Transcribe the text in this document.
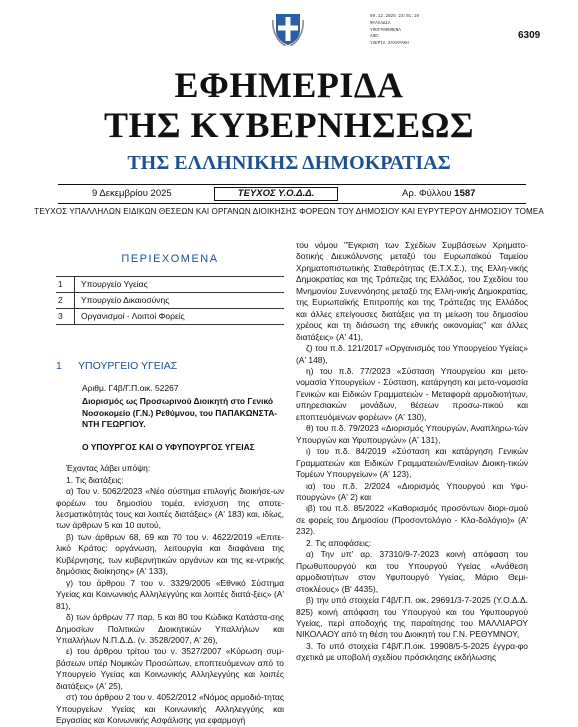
09.12.2025 23:01:19
ΦΥΛΛΑΔΙΑ
ΥΠΟΓΡΑΦΗΜΕΝΑ
ΑΠΟ:
ΥΛΕΡΙΑ ΖΑΧΑΡΑΚΗ
6309
ΕΦΗΜΕΡΙΔΑ
ΤΗΣ ΚΥΒΕΡΝΗΣΕΩΣ
ΤΗΣ ΕΛΛΗΝΙΚΗΣ ΔΗΜΟΚΡΑΤΙΑΣ
9 Δεκεμβρίου 2025	ΤΕΥΧΟΣ Υ.Ο.Δ.Δ.	Αρ. Φύλλου 1587
ΤΕΥΧΟΣ ΥΠΑΛΛΗΛΩΝ ΕΙΔΙΚΩΝ ΘΕΣΕΩΝ ΚΑΙ ΟΡΓΑΝΩΝ ΔΙΟΙΚΗΣΗΣ ΦΟΡΕΩΝ ΤΟΥ ΔΗΜΟΣΙΟΥ ΚΑΙ ΕΥΡΥΤΕΡΟΥ ΔΗΜΟΣΙΟΥ ΤΟΜΕΑ
ΠΕΡΙΕΧΟΜΕΝΑ
1	Υπουργείο Υγείας
2	Υπουργείο Δικαιοσύνης
3	Οργανισμοί - Λοιποί Φορείς
1	ΥΠΟΥΡΓΕΙΟ ΥΓΕΙΑΣ
Αριθμ. Γ4β/Γ.Π.οικ. 52267
Διορισμός ως Προσωρινού Διοικητή στο Γενικό Νοσοκομείο (Γ.Ν.) Ρεθύμνου, του ΠΑΠΑΚΩΝΣΤΑ-ΝΤΗ ΓΕΩΡΓΙΟΥ.
Ο ΥΠΟΥΡΓΟΣ ΚΑΙ Ο ΥΦΥΠΟΥΡΓΟΣ ΥΓΕΙΑΣ

Έχοντας λάβει υπόψη:

1. Τις διατάξεις:

α) Του ν. 5062/2023 «Νέο σύστημα επιλογής διοικήσε-ων φορέων του δημοσίου τομέα, ενίσχυση της αποτε-λεσματικότητάς τους και λοιπές διατάξεις» (Α' 183) και, ιδίως, των άρθρων 5 και 10 αυτού,

β) των άρθρων 68, 69 και 70 του ν. 4622/2019 «Επιτε-λικό Κράτος: οργάνωση, λειτουργία και διαφάνεια της Κυβέρνησης, των κυβερνητικών οργάνων και της κε-ντρικής δημόσιας διοίκησης» (Α' 133),

γ) του άρθρου 7 του ν. 3329/2005 «Εθνικό Σύστημα Υγείας και Κοινωνικής Αλληλεγγύης και λοιπές διατά-ξεις» (Α' 81),

δ) των άρθρων 77 παρ. 5 και 80 του Κώδικα Κατάστα-σης Δημοσίων Πολιτικών Διοικητικών Υπαλλήλων και Υπαλλήλων Ν.Π.Δ.Δ. (ν. 3528/2007, Α' 26),

ε) του άρθρου τρίτου του ν. 3527/2007 «Κύρωση συμ-βάσεων υπέρ Νομικών Προσώπων, εποπτευόμενων από το Υπουργείο Υγείας και Κοινωνικής Αλληλεγγύης και λοιπές διατάξεις» (Α' 25),

στ) του άρθρου 2 του ν. 4052/2012 «Νόμος αρμοδιό-τητας Υπουργείων Υγείας και Κοινωνικής Αλληλεγγύης και Εργασίας και Κοινωνικής Ασφάλισης για εφαρμογή

του νόμου "Έγκριση των Σχεδίων Συμβάσεων Χρηματο-δοτικής Διευκόλυνσης μεταξύ του Ευρωπαϊκού Ταμείου Χρηματοπιστωτικής Σταθερότητας (Ε.Τ.Χ.Σ.), της Ελλη-νικής Δημοκρατίας και της Τράπεζας της Ελλάδος, του Σχεδίου του Μνημονίου Συνεννόησης μεταξύ της Ελλη-νικής Δημοκρατίας, της Ευρωπαϊκής Επιτροπής και της Τράπεζας της Ελλάδος και άλλες επείγουσες διατάξεις για τη μείωση του δημοσίου χρέους και τη διάσωση της εθνικής οικονομίας" και άλλες διατάξεις» (Α' 41),

ζ) του π.δ. 121/2017 «Οργανισμός του Υπουργείου Υγείας» (Α' 148),

η) του π.δ. 77/2023 «Σύσταση Υπουργείου και μετο-νομασία Υπουργείων - Σύσταση, κατάργηση και μετο-νομασία Γενικών και Ειδικών Γραμματειών - Μεταφορά αρμοδιοτήτων, υπηρεσιακών μονάδων, θέσεων προσω-πικού και εποπτευόμενων φορέων» (Α' 130),

θ) του π.δ. 79/2023 «Διορισμός Υπουργών, Αναπληρω-τών Υπουργών και Υφυπουργών» (Α' 131),

ι) του π.δ. 84/2019 «Σύσταση και κατάργηση Γενικών Γραμματειών και Ειδικών Γραμματειών/Ενιαίων Διοικη-τικών Τομέων Υπουργείων» (Α' 123),

ια) του π.δ. 2/2024 «Διορισμός Υπουργού και Υφυ-πουργών» (Α' 2) και

ιβ) του π.δ. 85/2022 «Καθορισμός προσόντων διορι-σμού σε φορείς του Δημοσίου (Προσοντολόγιο - Κλα-δολόγιο)» (Α' 232).

2. Τις αποφάσεις:

α) Την υπ' αρ. 37310/9-7-2023 κοινή απόφαση του Πρωθυπουργού και του Υπουργού Υγείας «Ανάθεση αρμοδιοτήτων στον Υφυπουργό Υγείας, Μάριο Θεμι-στοκλέους» (Β' 4435),

β) την υπό στοιχεία Γ4β/Γ.Π. οικ. 29691/3-7-2025 (Υ.Ο.Δ.Δ. 825) κοινή απόφαση του Υπουργού και του Υφυπουργού Υγείας, περί αποδοχής της παραίτησης του ΜΑΛΛΙΑΡΟΥ ΝΙΚΟΛΑΟΥ από τη θέση του Διοικητή του Γ.Ν. ΡΕΘΥΜΝΟΥ,

3. Το υπό στοιχεία Γ4β/Γ.Π.οικ. 19908/5-5-2025 έγγρα-φο σχετικά με υποβολή σχεδίου πρόσκλησης εκδήλωσης
